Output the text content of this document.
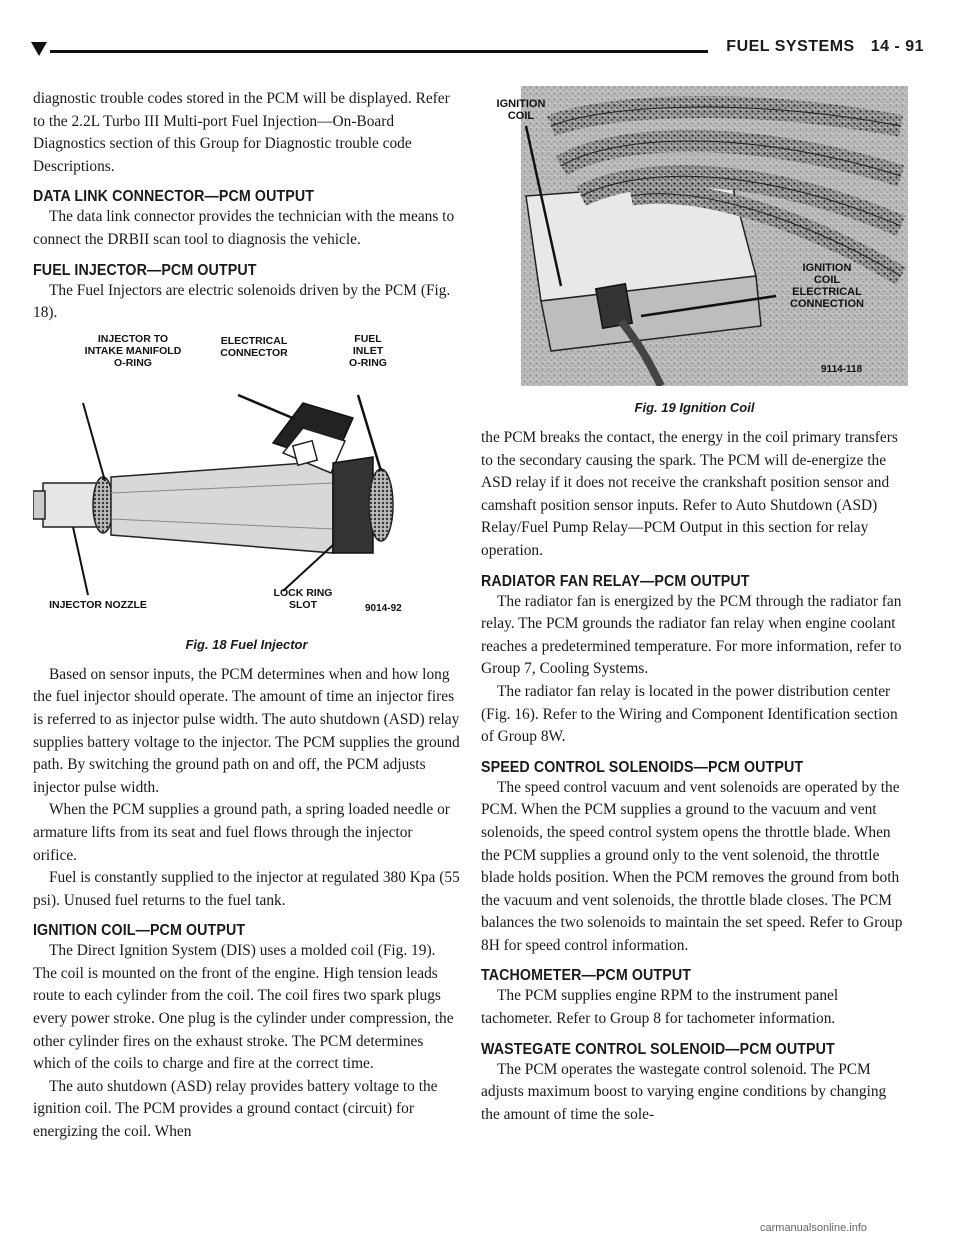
FUEL SYSTEMS 14 - 91

diagnostic trouble codes stored in the PCM will be displayed. Refer to the 2.2L Turbo III Multi-port Fuel Injection—On-Board Diagnostics section of this Group for Diagnostic trouble code Descriptions.

DATA LINK CONNECTOR—PCM OUTPUT

The data link connector provides the technician with the means to connect the DRBII scan tool to diagnosis the vehicle.

FUEL INJECTOR—PCM OUTPUT

The Fuel Injectors are electric solenoids driven by the PCM (Fig. 18).

INJECTOR TO
INTAKE MANIFOLD
O-RING
ELECTRICAL
CONNECTOR
FUEL
INLET
O-RING
INJECTOR NOZZLE
LOCK RING
SLOT	9014-92
Fig. 18 Fuel Injector

Based on sensor inputs, the PCM determines when and how long the fuel injector should operate. The amount of time an injector fires is referred to as injector pulse width. The auto shutdown (ASD) relay supplies battery voltage to the injector. The PCM supplies the ground path. By switching the ground path on and off, the PCM adjusts injector pulse width.

When the PCM supplies a ground path, a spring loaded needle or armature lifts from its seat and fuel flows through the injector orifice.

Fuel is constantly supplied to the injector at regulated 380 Kpa (55 psi). Unused fuel returns to the fuel tank.

IGNITION COIL—PCM OUTPUT

The Direct Ignition System (DIS) uses a molded coil (Fig. 19). The coil is mounted on the front of the engine. High tension leads route to each cylinder from the coil. The coil fires two spark plugs every power stroke. One plug is the cylinder under compression, the other cylinder fires on the exhaust stroke. The PCM determines which of the coils to charge and fire at the correct time.

The auto shutdown (ASD) relay provides battery voltage to the ignition coil. The PCM provides a ground contact (circuit) for energizing the coil. When

IGNITION
COIL
IGNITION
COIL
ELECTRICAL
CONNECTION
9114-118
Fig. 19 Ignition Coil

the PCM breaks the contact, the energy in the coil primary transfers to the secondary causing the spark. The PCM will de-energize the ASD relay if it does not receive the crankshaft position sensor and camshaft position sensor inputs. Refer to Auto Shutdown (ASD) Relay/Fuel Pump Relay—PCM Output in this section for relay operation.

RADIATOR FAN RELAY—PCM OUTPUT

The radiator fan is energized by the PCM through the radiator fan relay. The PCM grounds the radiator fan relay when engine coolant reaches a predetermined temperature. For more information, refer to Group 7, Cooling Systems.

The radiator fan relay is located in the power distribution center (Fig. 16). Refer to the Wiring and Component Identification section of Group 8W.

SPEED CONTROL SOLENOIDS—PCM OUTPUT

The speed control vacuum and vent solenoids are operated by the PCM. When the PCM supplies a ground to the vacuum and vent solenoids, the speed control system opens the throttle blade. When the PCM supplies a ground only to the vent solenoid, the throttle blade holds position. When the PCM removes the ground from both the vacuum and vent solenoids, the throttle blade closes. The PCM balances the two solenoids to maintain the set speed. Refer to Group 8H for speed control information.

TACHOMETER—PCM OUTPUT

The PCM supplies engine RPM to the instrument panel tachometer. Refer to Group 8 for tachometer information.

WASTEGATE CONTROL SOLENOID—PCM OUTPUT

The PCM operates the wastegate control solenoid. The PCM adjusts maximum boost to varying engine conditions by changing the amount of time the sole-

carmanualsonline.info
